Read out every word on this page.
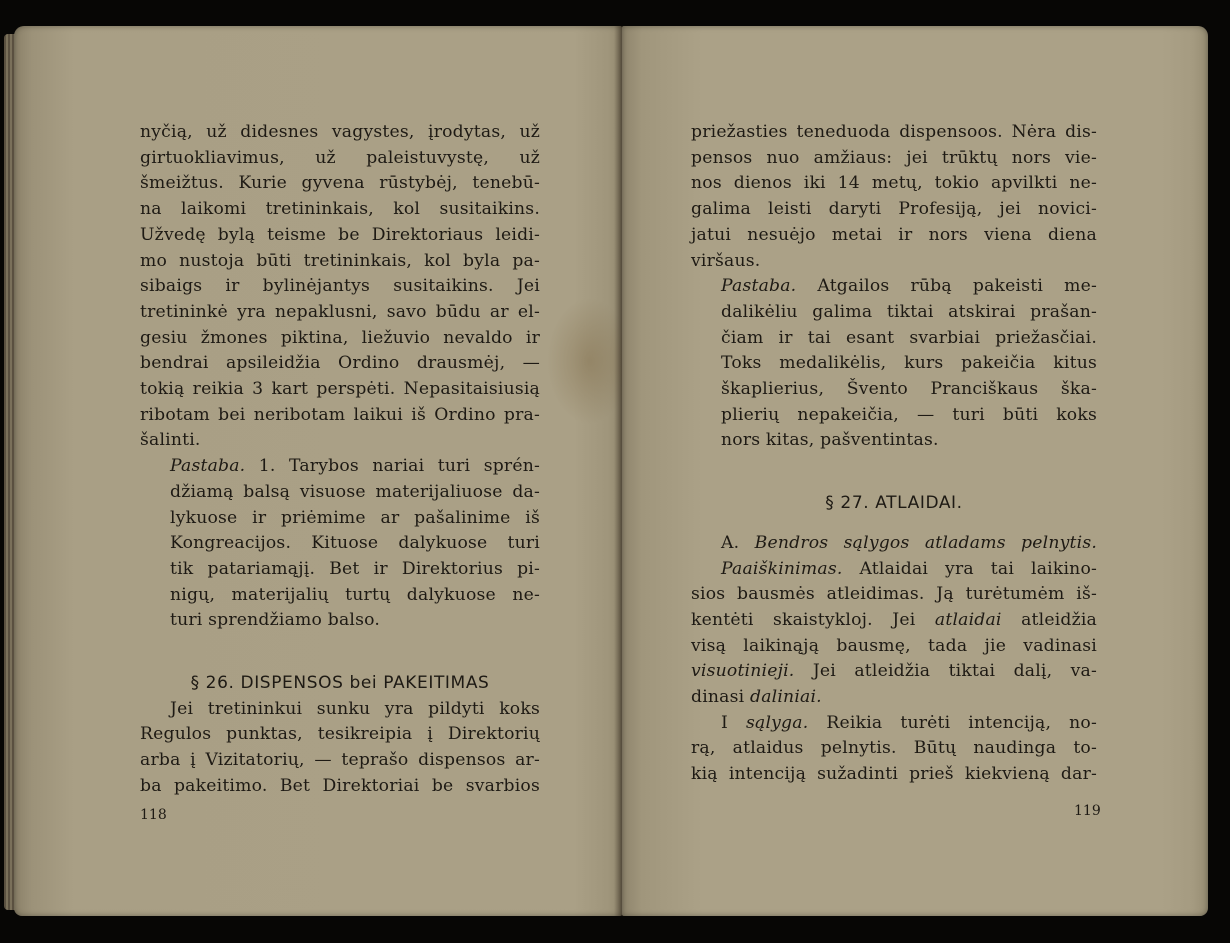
nyčią, už didesnes vagystes, įrodytas, už
girtuokliavimus, už paleistuvystę, už
šmeižtus. Kurie gyvena rūstybėj, tenebū-
na laikomi tretininkais, kol susitaikins.
Užvedę bylą teisme be Direktoriaus leidi-
mo nustoja būti tretininkais, kol byla pa-
sibaigs ir bylinėjantys susitaikins. Jei
tretininkė yra nepaklusni, savo būdu ar el-
gesiu žmones piktina, liežuvio nevaldo ir
bendrai apsileidžia Ordino drausmėj, —
tokią reikia 3 kart perspėti. Nepasitaisiusią
ribotam bei neribotam laikui iš Ordino pra-
šalinti.
Pastaba. 1. Tarybos nariai turi sprén-
džiamą balsą visuose materijaliuose da-
lykuose ir priėmime ar pašalinime iš
Kongreacijos. Kituose dalykuose turi
tik patariamąjį. Bet ir Direktorius pi-
nigų, materijalių turtų dalykuose ne-
turi sprendžiamo balso.
§ 26. DISPENSOS bei PAKEITIMAS
Jei tretininkui sunku yra pildyti koks
Regulos punktas, tesikreipia į Direktorių
arba į Vizitatorių, — teprašo dispensos ar-
ba pakeitimo. Bet Direktoriai be svarbios
118
priežasties teneduoda dispensoos. Nėra dis-
pensos nuo amžiaus: jei trūktų nors vie-
nos dienos iki 14 metų, tokio apvilkti ne-
galima leisti daryti Profesiją, jei novici-
jatui nesuėjo metai ir nors viena diena
viršaus.
Pastaba. Atgailos rūbą pakeisti me-
dalikėliu galima tiktai atskirai prašan-
čiam ir tai esant svarbiai priežasčiai.
Toks medalikėlis, kurs pakeičia kitus
škaplierius, Švento Pranciškaus ška-
plierių nepakeičia, — turi būti koks
nors kitas, pašventintas.
§ 27. ATLAIDAI.
A. Bendros sąlygos atladams pelnytis.
Paaiškinimas. Atlaidai yra tai laikino-
sios bausmės atleidimas. Ją turėtumėm iš-
kentėti skaistykloj. Jei atlaidai atleidžia
visą laikinąją bausmę, tada jie vadinasi
visuotinieji. Jei atleidžia tiktai dalį, va-
dinasi daliniai.
I sąlyga. Reikia turėti intenciją, no-
rą, atlaidus pelnytis. Būtų naudinga to-
kią intenciją sužadinti prieš kiekvieną dar-
119
